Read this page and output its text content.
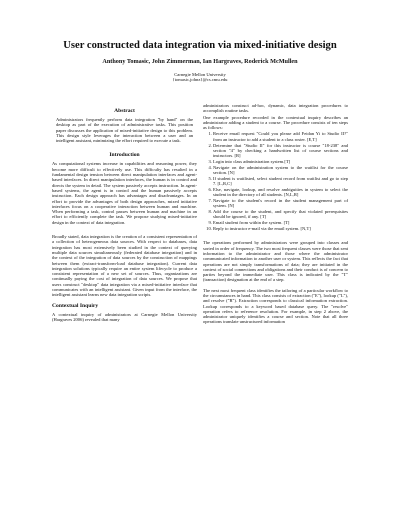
User constructed data integration via mixed-initiative design
Anthony Tomasic, John Zimmerman, Ian Hargraves, Roderick McMullen
Carnegie Mellon University
{tomasic,johnz}@cs.cmu.edu
Abstract

Administrators frequently perform data integration "by hand" on the desktop as part of the execution of administrative tasks. This position paper discusses the application of mixed-initiative design to this problem. This design style leverages the interaction between a user and an intelligent assistant, minimizing the effort required to execute a task.

Introduction

As computational systems increase in capabilities and reasoning power, they become more difficult to effectively use. This difficulty has resulted in a fundamental design tension between direct manipulation interfaces and agent-based interfaces. In direct manipulation interfaces, the human is in control and directs the system in detail. The system passively accepts instruction. In agent-based systems, the agent is in control and the human passively accepts instruction. Each design approach has advantages and disadvantages. In an effort to provide the advantages of both design approaches, mixed initiative interfaces focus on a cooperative interaction between human and machine. When performing a task, control passes between human and machine in an effort to efficiently complete the task. We propose studying mixed-initiative design in the context of data integration.

Broadly stated, data integration is the creation of a consistent representation of a collection of heterogeneous data sources. With respect to databases, data integration has most extensively been studied in the context of querying multiple data sources simultaneously (federated database integration) and in the context of the integration of data sources by the construction of mappings between them (extract-transform-load database integration). Current data integration solutions typically require an entire system lifecycle to produce a consistent representation of a new set of sources. Thus, organizations are continually paying the cost of integration of data sources. We propose that users construct "desktop" data integration via a mixed-initiative interface that communicates with an intelligent assistant. Given input from the interface, the intelligent assistant learns new data integration scripts.

Contextual Inquiry

A contextual inquiry of administrators at Carnegie Mellon University (Hargraves 2006) revealed that many

administrators construct ad-hoc, dynamic, data integration procedures to accomplish routine tasks.

One example procedure recorded in the contextual inquiry describes an administrator adding a student to a course. The procedure consists of ten steps as follows:

1. Receive email request "Could you please add Feidan Yi to Studio II?" from an instructor to add a student to a class roster. [E,T]
2. Determine that "Studio II" for this instructor is course "18-238" and section "4" by checking a handwritten list of course sections and instructors. [R]
3. Login into class administration system.[T]
4. Navigate on the administration system to the waitlist for the course section. [N]
5. If student is waitlisted, select student record from waitlist and go to step 7. [L,R,C]
6. Else, navigate, lookup, and resolve ambiguities in system to select the student in the directory of all students. [N,L,R]
7. Navigate to the student's record in the student management part of system. [N]
8. Add the course to the student, and specify that violated prerequisites should be ignored, if any. [T]
9. Email student from within the system. [T]
10. Reply to instructor e-mail via the email system. [N,T]

The operations performed by administrators were grouped into classes and sorted in order of frequency. The two most frequent classes were those that sent information to the administrator and those where the administrator communicated information to another user or system. This reflects the fact that operations are not simply transformations of data; they are initiated in the context of social connections and obligations and their conduct is of concern to parties beyond the immediate user. This class is indicated by the "T" (transaction) designation at the end of a step.

The next most frequent class identifies the tailoring of a particular workflow to the circumstances in hand. This class consists of extraction ("E"), lookup ("L"), and resolve ("R"). Extraction corresponds to classical information extraction. Lookup corresponds to a keyword based database query. The "resolve" operation refers to reference resolution. For example, in step 2 above, the administrator uniquely identifies a course and section. Note that all three operations translate unstructured information
